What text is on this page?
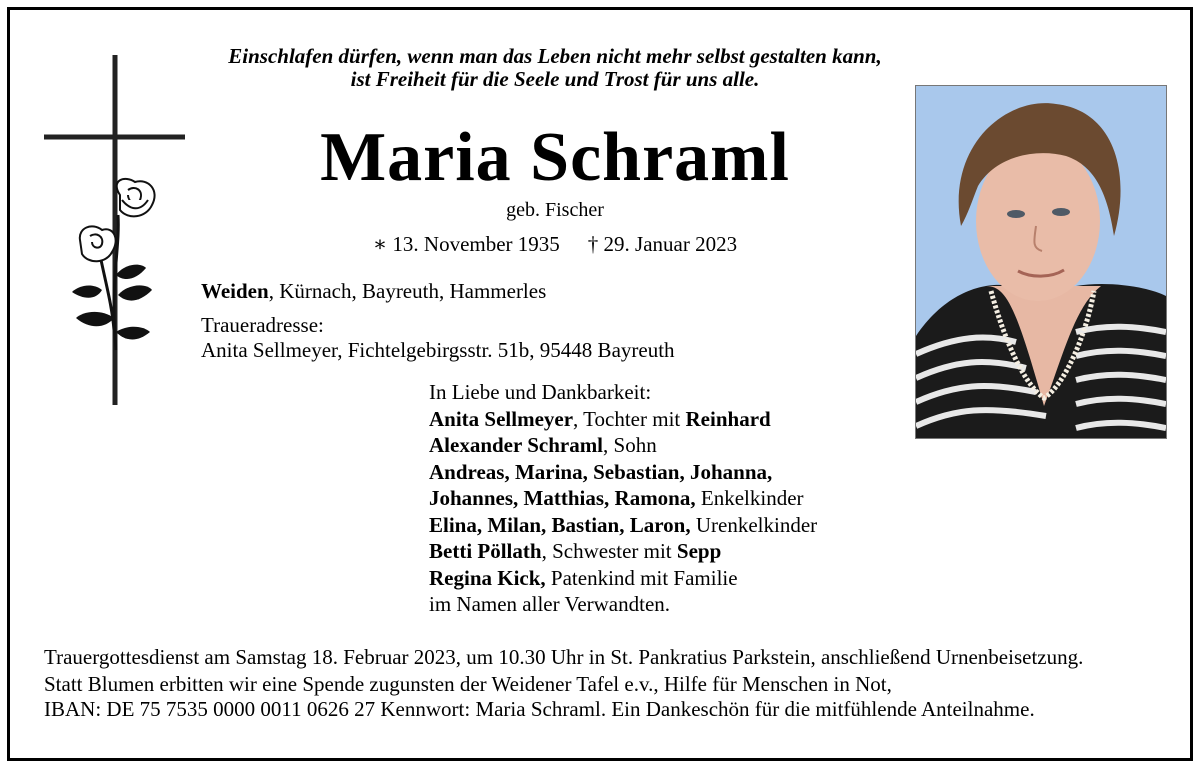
Einschlafen dürfen, wenn man das Leben nicht mehr selbst gestalten kann,
ist Freiheit für die Seele und Trost für uns alle.
Maria Schraml
geb. Fischer
∗ 13. November 1935 † 29. Januar 2023
Weiden, Kürnach, Bayreuth, Hammerles
Traueradresse:
Anita Sellmeyer, Fichtelgebirgsstr. 51b, 95448 Bayreuth
In Liebe und Dankbarkeit:
Anita Sellmeyer, Tochter mit Reinhard
Alexander Schraml, Sohn
Andreas, Marina, Sebastian, Johanna,
Johannes, Matthias, Ramona, Enkelkinder
Elina, Milan, Bastian, Laron, Urenkelkinder
Betti Pöllath, Schwester mit Sepp
Regina Kick, Patenkind mit Familie
im Namen aller Verwandten.
Trauergottesdienst am Samstag 18. Februar 2023, um 10.30 Uhr in St. Pankratius Parkstein, anschließend Urnenbeisetzung.
Statt Blumen erbitten wir eine Spende zugunsten der Weidener Tafel e.v., Hilfe für Menschen in Not,
IBAN: DE 75 7535 0000 0011 0626 27 Kennwort: Maria Schraml. Ein Dankeschön für die mitfühlende Anteilnahme.
